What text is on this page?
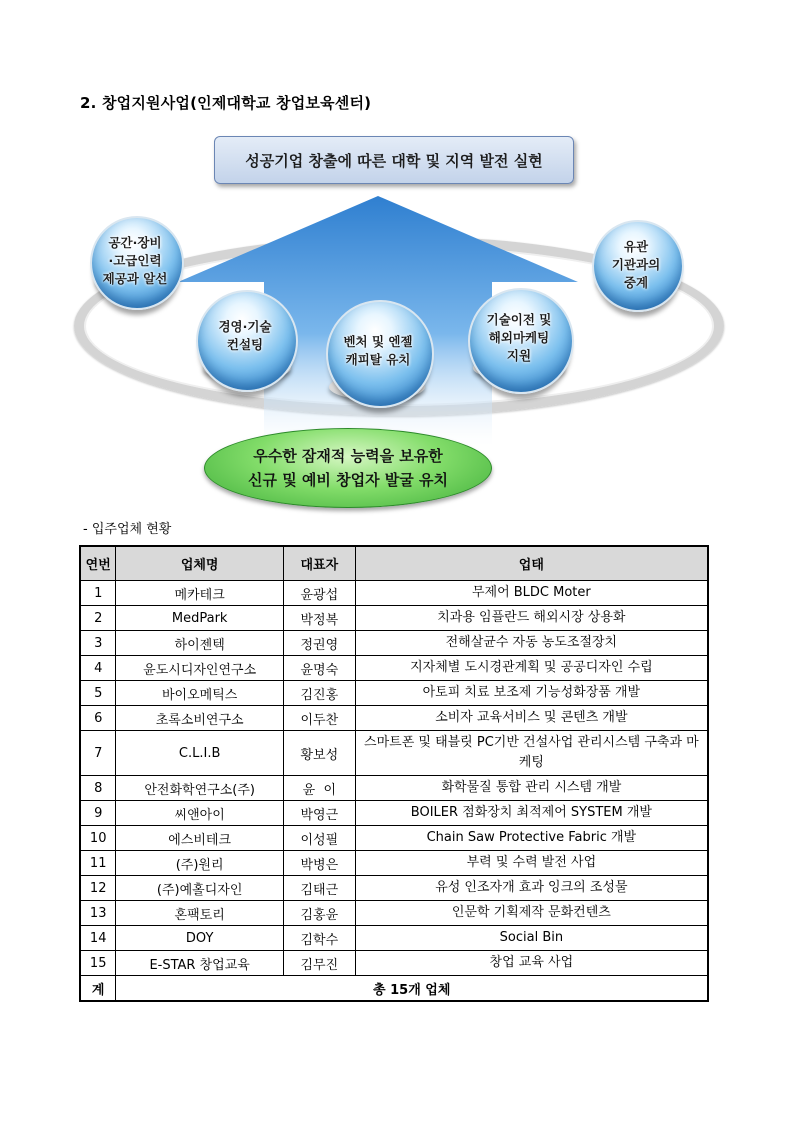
2. 창업지원사업(인제대학교 창업보육센터)
성공기업 창출에 따른 대학 및 지역 발전 실현
공간·장비
·고급인력
제공과 알선
경영·기술
컨설팅	벤처 및 엔젤
캐피탈 유치
기술이전 및
해외마케팅
지원
유관
기관과의
중계
우수한 잠재적 능력을 보유한
신규 및 예비 창업자 발굴 유치
- 입주업체 현황
연번	업체명	대표자	업태
1	메카테크	윤광섭	무제어 BLDC Moter
2	MedPark	박정복	치과용 임플란드 해외시장 상용화
3	하이젠텍	정권영	전해살균수 자동 농도조절장치
4	윤도시디자인연구소	윤명숙	지자체별 도시경관계획 및 공공디자인 수립
5	바이오메틱스	김진홍	아토피 치료 보조제 기능성화장품 개발
6	초록소비연구소	이두찬	소비자 교육서비스 및 콘텐츠 개발
7	C.L.I.B	황보성	스마트폰 및 태블릿 PC기반 건설사업 관리시스템 구축과 마케팅
8	안전화학연구소(주)	윤  이	화학물질 통합 관리 시스템 개발
9	씨앤아이	박영근	BOILER 점화장치 최적제어 SYSTEM 개발
10	에스비테크	이성필	Chain Saw Protective Fabric 개발
11	(주)원리	박병은	부력 및 수력 발전 사업
12	(주)예홀디자인	김태근	유성 인조자개 효과 잉크의 조성물
13	혼팩토리	김홍윤	인문학 기획제작 문화컨텐츠
14	DOY	김학수	Social Bin
15	E-STAR 창업교육	김무진	창업 교육 사업
계	총 15개 업체		
